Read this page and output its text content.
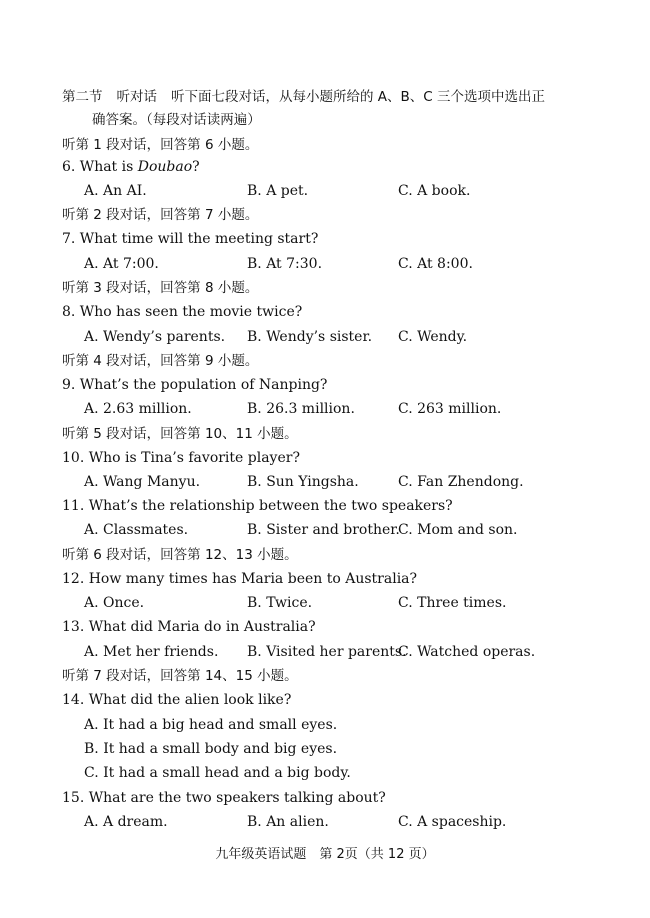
第二节 听对话 听下面七段对话，从每小题所给的 A、B、C 三个选项中选出正
确答案。（每段对话读两遍）
听第 1 段对话，回答第 6 小题。
6. What is Doubao?
A. An AI.	B. A pet.	C. A book.
听第 2 段对话，回答第 7 小题。
7. What time will the meeting start?
A. At 7:00.	B. At 7:30.	C. At 8:00.
听第 3 段对话，回答第 8 小题。
8. Who has seen the movie twice?
A. Wendy’s parents. B. Wendy’s sister. C. Wendy.
听第 4 段对话，回答第 9 小题。
9. What’s the population of Nanping?
A. 2.63 million.	B. 26.3 million.	C. 263 million.
听第 5 段对话，回答第 10、11 小题。
10. Who is Tina’s favorite player?
A. Wang Manyu.	B. Sun Yingsha.	C. Fan Zhendong.
11. What’s the relationship between the two speakers?
A. Classmates.	B. Sister and brother.
C. Mom and son.
听第 6 段对话，回答第 12、13 小题。
12. How many times has Maria been to Australia?
A. Once.	B. Twice.	C. Three times.
13. What did Maria do in Australia?
A. Met her friends. B. Visited her parents.
C. Watched operas.
听第 7 段对话，回答第 14、15 小题。
14. What did the alien look like?
A. It had a big head and small eyes.
B. It had a small body and big eyes.
C. It had a small head and a big body.
15. What are the two speakers talking about?
A. A dream.	B. An alien.	C. A spaceship.
九年级英语试题　第 2页（共 12 页）
